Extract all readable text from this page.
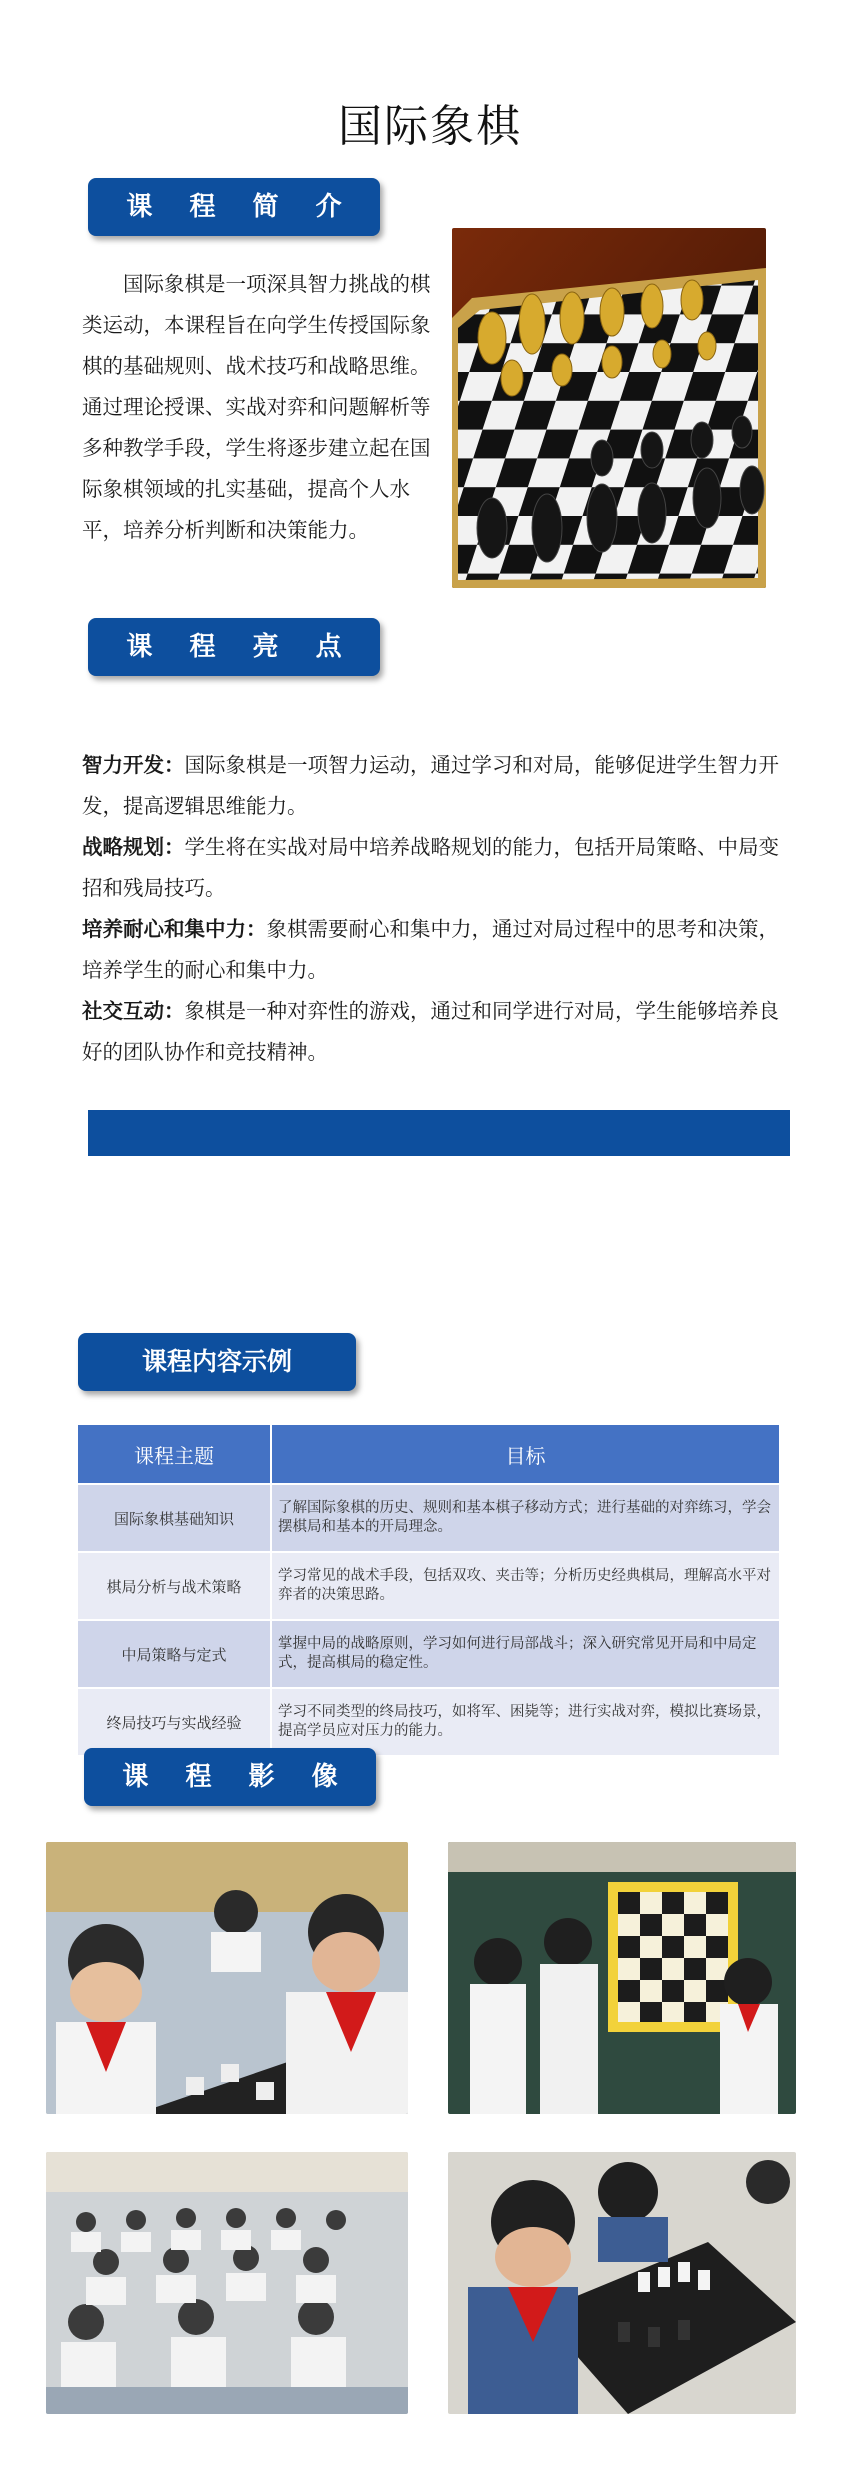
国际象棋
课 程 简 介
国际象棋是一项深具智力挑战的棋类运动，本课程旨在向学生传授国际象棋的基础规则、战术技巧和战略思维。通过理论授课、实战对弈和问题解析等多种教学手段，学生将逐步建立起在国际象棋领域的扎实基础，提高个人水平，培养分析判断和决策能力。
课 程 亮 点
智力开发：国际象棋是一项智力运动，通过学习和对局，能够促进学生智力开发，提高逻辑思维能力。
战略规划：学生将在实战对局中培养战略规划的能力，包括开局策略、中局变招和残局技巧。
培养耐心和集中力：象棋需要耐心和集中力，通过对局过程中的思考和决策，培养学生的耐心和集中力。
社交互动：象棋是一种对弈性的游戏，通过和同学进行对局，学生能够培养良好的团队协作和竞技精神。
课程内容示例
课程主题	目标
国际象棋基础知识	了解国际象棋的历史、规则和基本棋子移动方式；进行基础的对弈练习，学会摆棋局和基本的开局理念。
棋局分析与战术策略	学习常见的战术手段，包括双攻、夹击等；分析历史经典棋局，理解高水平对弈者的决策思路。
中局策略与定式	掌握中局的战略原则，学习如何进行局部战斗；深入研究常见开局和中局定式，提高棋局的稳定性。
终局技巧与实战经验	学习不同类型的终局技巧，如将军、困毙等；进行实战对弈，模拟比赛场景，提高学员应对压力的能力。
课 程 影 像
